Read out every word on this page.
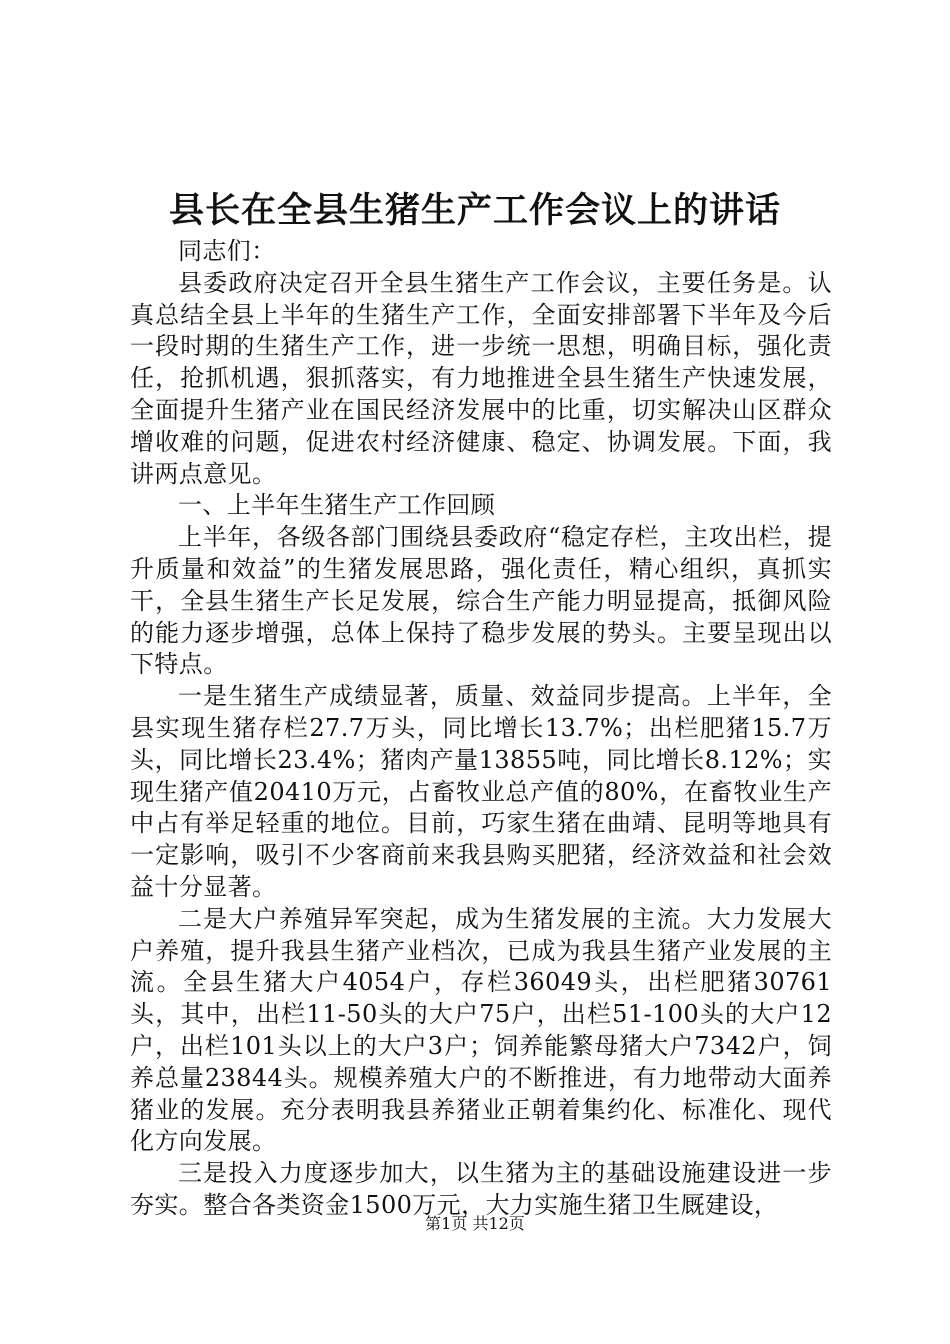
县长在全县生猪生产工作会议上的讲话

同志们：

县委政府决定召开全县生猪生产工作会议，主要任务是。认真总结全县上半年的生猪生产工作，全面安排部署下半年及今后一段时期的生猪生产工作，进一步统一思想，明确目标，强化责任，抢抓机遇，狠抓落实，有力地推进全县生猪生产快速发展，全面提升生猪产业在国民经济发展中的比重，切实解决山区群众增收难的问题，促进农村经济健康、稳定、协调发展。下面，我讲两点意见。

一、上半年生猪生产工作回顾

上半年，各级各部门围绕县委政府“稳定存栏，主攻出栏，提升质量和效益”的生猪发展思路，强化责任，精心组织，真抓实干，全县生猪生产长足发展，综合生产能力明显提高，抵御风险的能力逐步增强，总体上保持了稳步发展的势头。主要呈现出以下特点。

一是生猪生产成绩显著，质量、效益同步提高。上半年，全县实现生猪存栏27.7万头，同比增长13.7%；出栏肥猪15.7万头，同比增长23.4%；猪肉产量13855吨，同比增长8.12%；实现生猪产值20410万元，占畜牧业总产值的80%，在畜牧业生产中占有举足轻重的地位。目前，巧家生猪在曲靖、昆明等地具有一定影响，吸引不少客商前来我县购买肥猪，经济效益和社会效益十分显著。

二是大户养殖异军突起，成为生猪发展的主流。大力发展大户养殖，提升我县生猪产业档次，已成为我县生猪产业发展的主流。全县生猪大户4054户，存栏36049头，出栏肥猪30761头，其中，出栏11-50头的大户75户，出栏51-100头的大户12户，出栏101头以上的大户3户；饲养能繁母猪大户7342户，饲养总量23844头。规模养殖大户的不断推进，有力地带动大面养猪业的发展。充分表明我县养猪业正朝着集约化、标准化、现代化方向发展。

三是投入力度逐步加大，以生猪为主的基础设施建设进一步夯实。整合各类资金1500万元，大力实施生猪卫生厩建设，

第1页 共12页
